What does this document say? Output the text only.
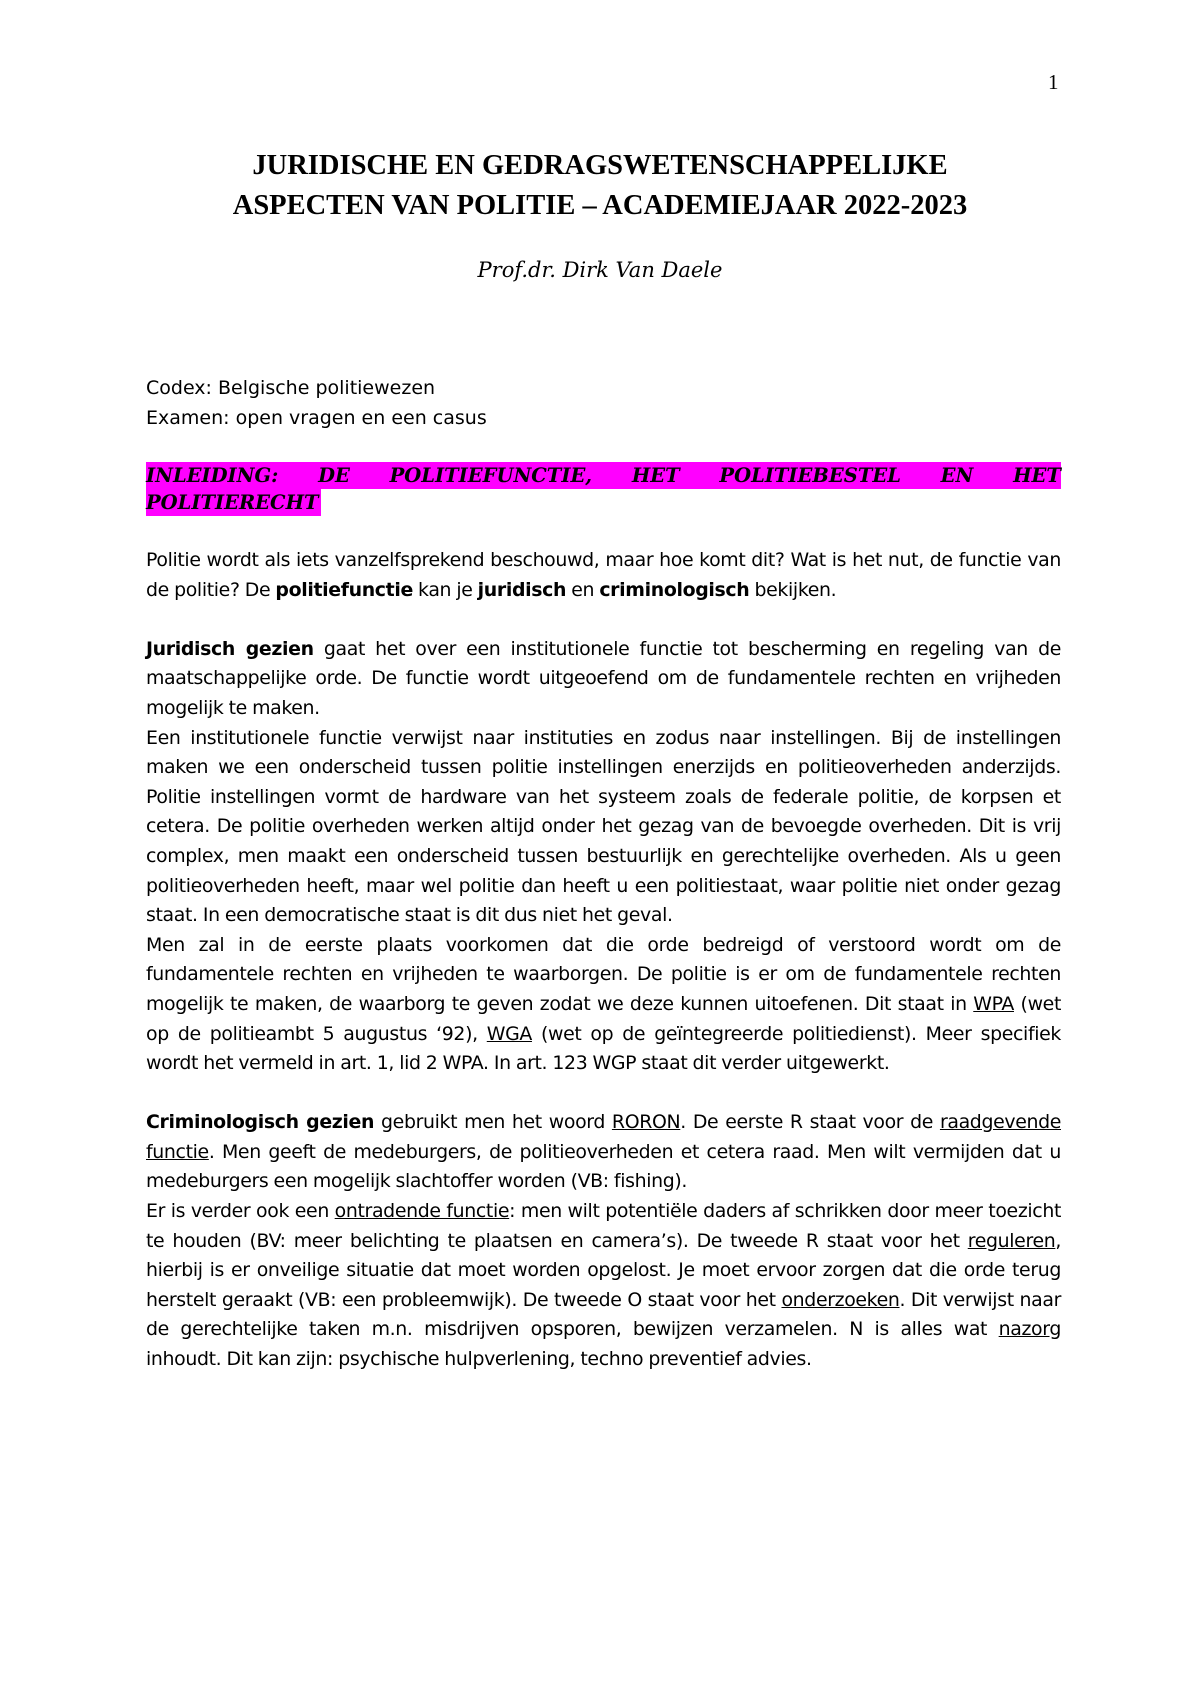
1
JURIDISCHE EN GEDRAGSWETENSCHAPPELIJKE
ASPECTEN VAN POLITIE – ACADEMIEJAAR 2022-2023
Prof.dr. Dirk Van Daele
Codex: Belgische politiewezen
Examen: open vragen en een casus
INLEIDING: DE POLITIEFUNCTIE, HET POLITIEBESTEL EN HET
POLITIERECHT

Politie wordt als iets vanzelfsprekend beschouwd, maar hoe komt dit? Wat is het nut, de functie van de politie? De politiefunctie kan je juridisch en criminologisch bekijken.

Juridisch gezien gaat het over een institutionele functie tot bescherming en regeling van de maatschappelijke orde. De functie wordt uitgeoefend om de fundamentele rechten en vrijheden mogelijk te maken.

Een institutionele functie verwijst naar instituties en zodus naar instellingen. Bij de instellingen maken we een onderscheid tussen politie instellingen enerzijds en politieoverheden anderzijds. Politie instellingen vormt de hardware van het systeem zoals de federale politie, de korpsen et cetera. De politie overheden werken altijd onder het gezag van de bevoegde overheden. Dit is vrij complex, men maakt een onderscheid tussen bestuurlijk en gerechtelijke overheden. Als u geen politieoverheden heeft, maar wel politie dan heeft u een politiestaat, waar politie niet onder gezag staat. In een democratische staat is dit dus niet het geval.

Men zal in de eerste plaats voorkomen dat die orde bedreigd of verstoord wordt om de fundamentele rechten en vrijheden te waarborgen. De politie is er om de fundamentele rechten mogelijk te maken, de waarborg te geven zodat we deze kunnen uitoefenen. Dit staat in WPA (wet op de politieambt 5 augustus ‘92), WGA (wet op de geïntegreerde politiedienst). Meer specifiek wordt het vermeld in art. 1, lid 2 WPA. In art. 123 WGP staat dit verder uitgewerkt.

Criminologisch gezien gebruikt men het woord RORON. De eerste R staat voor de raadgevende functie. Men geeft de medeburgers, de politieoverheden et cetera raad. Men wilt vermijden dat u medeburgers een mogelijk slachtoffer worden (VB: fishing).

Er is verder ook een ontradende functie: men wilt potentiële daders af schrikken door meer toezicht te houden (BV: meer belichting te plaatsen en camera’s). De tweede R staat voor het reguleren, hierbij is er onveilige situatie dat moet worden opgelost. Je moet ervoor zorgen dat die orde terug herstelt geraakt (VB: een probleemwijk). De tweede O staat voor het onderzoeken. Dit verwijst naar de gerechtelijke taken m.n. misdrijven opsporen, bewijzen verzamelen. N is alles wat nazorg inhoudt. Dit kan zijn: psychische hulpverlening, techno preventief advies.
